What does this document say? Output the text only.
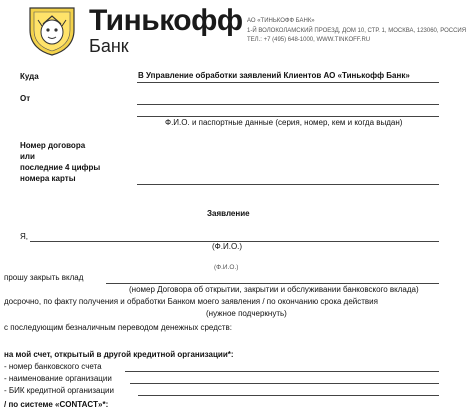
Тинькофф
Банк
АО «ТИНЬКОФФ БАНК»
1-Й ВОЛОКОЛАМСКИЙ ПРОЕЗД, ДОМ 10, СТР. 1, МОСКВА, 123060, РОССИЯ
ТЕЛ.: +7 (495) 648-1000, WWW.TINKOFF.RU
Куда	В Управление обработки заявлений Клиентов АО «Тинькофф Банк»
От
Ф.И.О. и паспортные данные (серия, номер, кем и когда выдан)
Номер договора
или
последние 4 цифры
номера карты
Заявление
Я,
(Ф.И.О.)
(Ф.И.О.)
прошу закрыть вклад
(номер Договора об открытии, закрытии и обслуживании банковского вклада)
досрочно, по факту получения и обработки Банком моего заявления / по окончанию срока действия
(нужное подчеркнуть)
с последующим безналичным переводом денежных средств:
на мой счет, открытый в другой кредитной организации*:
- номер банковского счета
- наименование организации
- БИК кредитной организации
/ по системе «CONTACT»*:
